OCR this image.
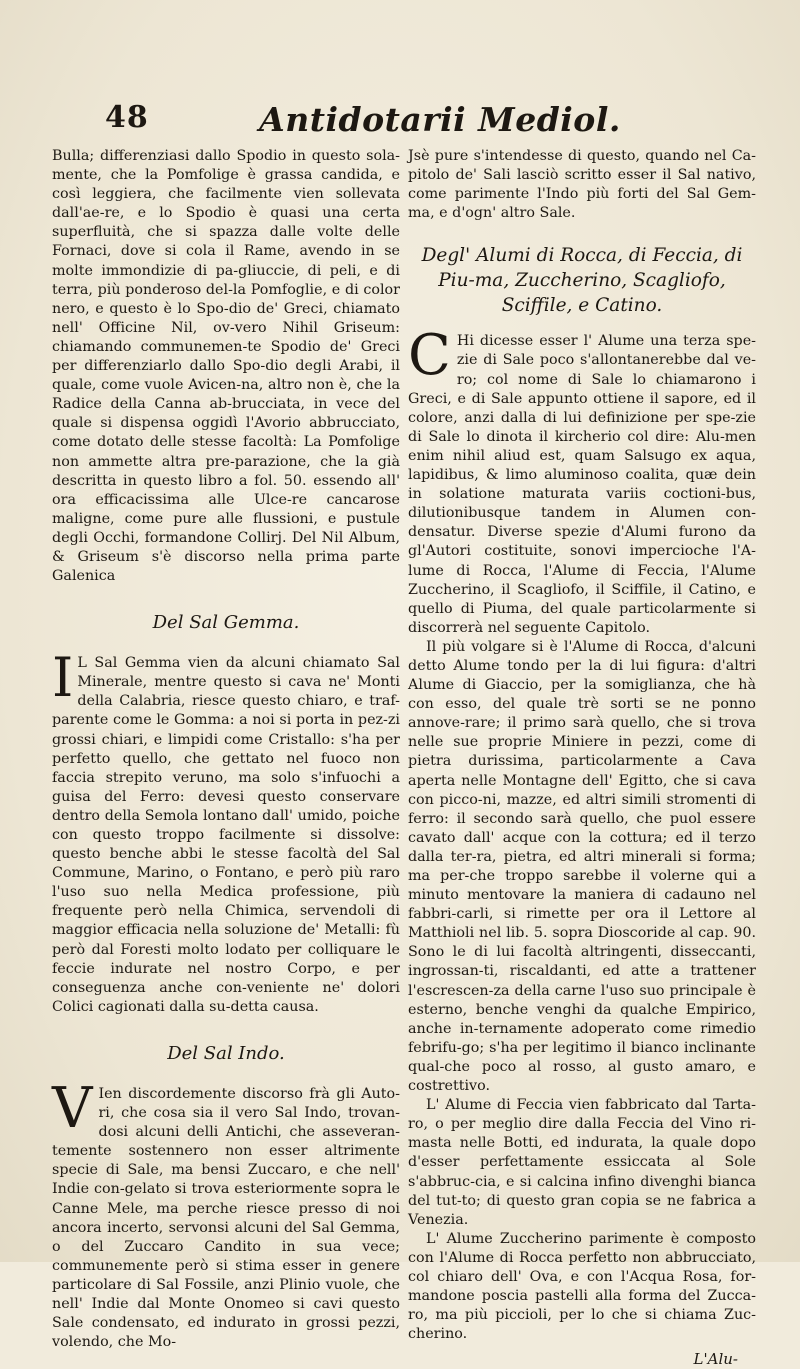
48	Antidotarii Mediol.

Bulla; differenziasi dallo Spodio in questo sola-mente, che la Pomfolige è grassa candida, e così leggiera, che facilmente vien sollevata dall'ae-re, e lo Spodio è quasi una certa superfluità, che si spazza dalle volte delle Fornaci, dove si cola il Rame, avendo in se molte immondizie di pa-gliuccie, di peli, e di terra, più ponderoso del-la Pomfoglie, e di color nero, e questo è lo Spo-dio de' Greci, chiamato nell' Officine Nil, ov-vero Nihil Griseum: chiamando communemen-te Spodio de' Greci per differenziarlo dallo Spo-dio degli Arabi, il quale, come vuole Avicen-na, altro non è, che la Radice della Canna ab-brucciata, in vece del quale si dispensa oggidì l'Avorio abbrucciato, come dotato delle stesse facoltà: La Pomfolige non ammette altra pre-parazione, che la già descritta in questo libro a fol. 50. essendo all' ora efficacissima alle Ulce-re cancarose maligne, come pure alle flussioni, e pustule degli Occhi, formandone Collirj. Del Nil Album, & Griseum s'è discorso nella prima parte Galenica

Del Sal Gemma.
I L Sal Gemma vien da alcuni chiamato Sal Minerale, mentre questo si cava ne' Monti della Calabria, riesce questo chiaro, e traf-parente come le Gomma: a noi si porta in pez-zi grossi chiari, e limpidi come Cristallo: s'ha per perfetto quello, che gettato nel fuoco non faccia strepito veruno, ma solo s'infuochi a guisa del Ferro: devesi questo conservare dentro della Semola lontano dall' umido, poiche con questo troppo facilmente si dissolve: questo benche abbi le stesse facoltà del Sal Commune, Marino, o Fontano, e però più raro l'uso suo nella Medica professione, più frequente però nella Chimica, servendoli di maggior efficacia nella soluzione de' Metalli: fù però dal Foresti molto lodato per colliquare le feccie indurate nel nostro Corpo, e per conseguenza anche con-veniente ne' dolori Colici cagionati dalla su-detta causa.

Del Sal Indo.
V Ien discordemente discorso frà gli Auto-ri, che cosa sia il vero Sal Indo, trovan-dosi alcuni delli Antichi, che asseveran-temente sostennero non esser altrimente specie di Sale, ma bensi Zuccaro, e che nell' Indie con-gelato si trova esteriormente sopra le Canne Mele, ma perche riesce presso di noi ancora incerto, servonsi alcuni del Sal Gemma, o del Zuccaro Candito in sua vece; communemente però si stima esser in genere particolare di Sal Fossile, anzi Plinio vuole, che nell' Indie dal Monte Onomeo si cavi questo Sale condensato, ed indurato in grossi pezzi, volendo, che Mo-

Jsè pure s'intendesse di questo, quando nel Ca-pitolo de' Sali lasciò scritto esser il Sal nativo, come parimente l'Indo più forti del Sal Gem-ma, e d'ogn' altro Sale.

Degl' Alumi di Rocca, di Feccia, di Piu-ma, Zuccherino, Scagliofo, Sciffile, e Catino.
C Hi dicesse esser l' Alume una terza spe-zie di Sale poco s'allontanerebbe dal ve-ro; col nome di Sale lo chiamarono i Greci, e di Sale appunto ottiene il sapore, ed il colore, anzi dalla di lui definizione per spe-zie di Sale lo dinota il kircherio col dire: Alu-men enim nihil aliud est, quam Salsugo ex aqua, lapidibus, & limo aluminoso coalita, quæ dein in solatione maturata variis coctioni-bus, dilutionibusque tandem in Alumen con-densatur. Diverse spezie d'Alumi furono da gl'Autori costituite, sonovi impercioche l'A-lume di Rocca, l'Alume di Feccia, l'Alume Zuccherino, il Scagliofo, il Sciffile, il Catino, e quello di Piuma, del quale particolarmente si discorrerà nel seguente Capitolo.

Il più volgare si è l'Alume di Rocca, d'alcuni detto Alume tondo per la di lui figura: d'altri Alume di Giaccio, per la somiglianza, che hà con esso, del quale trè sorti se ne ponno annove-rare; il primo sarà quello, che si trova nelle sue proprie Miniere in pezzi, come di pietra durissima, particolarmente a Cava aperta nelle Montagne dell' Egitto, che si cava con picco-ni, mazze, ed altri simili stromenti di ferro: il secondo sarà quello, che puol essere cavato dall' acque con la cottura; ed il terzo dalla ter-ra, pietra, ed altri minerali si forma; ma per-che troppo sarebbe il volerne qui a minuto mentovare la maniera di cadauno nel fabbri-carli, si rimette per ora il Lettore al Matthioli nel lib. 5. sopra Dioscoride al cap. 90. Sono le di lui facoltà altringenti, disseccanti, ingrossan-ti, riscaldanti, ed atte a trattener l'escrescen-za della carne l'uso suo principale è esterno, benche venghi da qualche Empirico, anche in-ternamente adoperato come rimedio febrifu-go; s'ha per legitimo il bianco inclinante qual-che poco al rosso, al gusto amaro, e costrettivo.

L' Alume di Feccia vien fabbricato dal Tarta-ro, o per meglio dire dalla Feccia del Vino ri-masta nelle Botti, ed indurata, la quale dopo d'esser perfettamente essiccata al Sole s'abbruc-cia, e si calcina infino divenghi bianca del tut-to; di questo gran copia se ne fabrica a Venezia.

L' Alume Zuccherino parimente è composto con l'Alume di Rocca perfetto non abbrucciato, col chiaro dell' Ova, e con l'Acqua Rosa, for-mandone poscia pastelli alla forma del Zucca-ro, ma più piccioli, per lo che si chiama Zuc-cherino.

L'Alu-
